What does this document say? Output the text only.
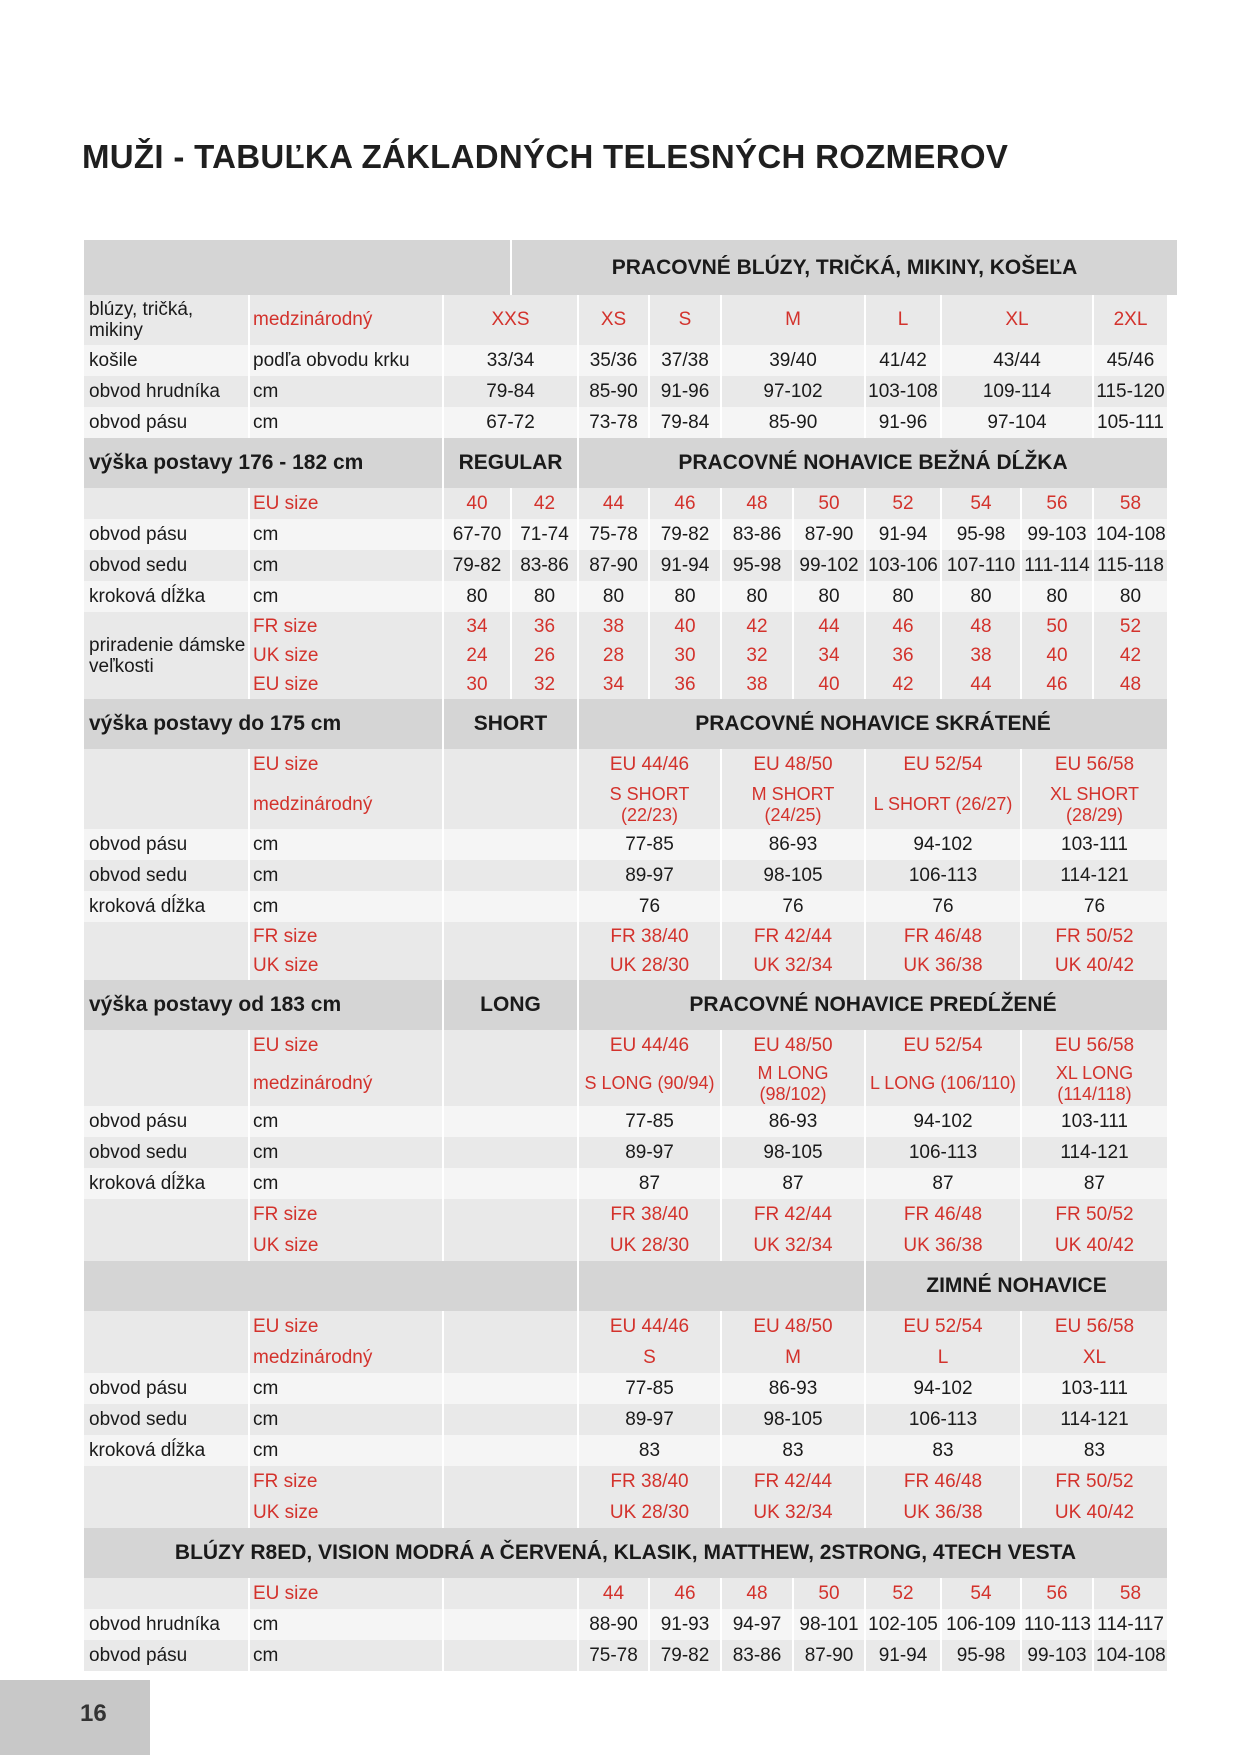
MUŽI - TABUĽKA ZÁKLADNÝCH TELESNÝCH ROZMEROV
			PRACOVNÉ BLÚZY, TRIČKÁ, MIKINY, KOŠEĽA								
blúzy, tričká, mikiny	medzinárodný	XXS		XS	S	M		L	XL		2XL
košile	podľa obvodu krku	33/34		35/36	37/38	39/40		41/42	43/44		45/46
obvod hrudníka	cm	79-84		85-90	91-96	97-102		103-108	109-114		115-120
obvod pásu	cm	67-72		73-78	79-84	85-90		91-96	97-104		105-111
výška postavy 176 - 182 cm		REGULAR		PRACOVNÉ NOHAVICE BEŽNÁ DĹŽKA							
	EU size	40	42	44	46	48	50	52	54	56	58
obvod pásu	cm	67-70	71-74	75-78	79-82	83-86	87-90	91-94	95-98	99-103	104-108
obvod sedu	cm	79-82	83-86	87-90	91-94	95-98	99-102	103-106	107-110	111-114	115-118
kroková dĺžka	cm	80	80	80	80	80	80	80	80	80	80
priradenie dámske veľkosti	FR size	34	36	38	40	42	44	46	48	50	52
	UK size	24	26	28	30	32	34	36	38	40	42
	EU size	30	32	34	36	38	40	42	44	46	48
výška postavy do 175 cm		SHORT		PRACOVNÉ NOHAVICE SKRÁTENÉ							
	EU size			EU 44/46		EU 48/50		EU 52/54		EU 56/58	
	medzinárodný			S SHORT (22/23)		M SHORT (24/25)		L SHORT (26/27)		XL SHORT (28/29)	
obvod pásu	cm			77-85		86-93		94-102		103-111	
obvod sedu	cm			89-97		98-105		106-113		114-121	
kroková dĺžka	cm			76		76		76		76	
	FR size			FR 38/40		FR 42/44		FR 46/48		FR 50/52	
	UK size			UK 28/30		UK 32/34		UK 36/38		UK 40/42	
výška postavy od 183 cm		LONG		PRACOVNÉ NOHAVICE PREDĹŽENÉ							
	EU size			EU 44/46		EU 48/50		EU 52/54		EU 56/58	
	medzinárodný			S LONG (90/94)		M LONG (98/102)		L LONG (106/110)		XL LONG (114/118)	
obvod pásu	cm			77-85		86-93		94-102		103-111	
obvod sedu	cm			89-97		98-105		106-113		114-121	
kroková dĺžka	cm			87		87		87		87	
	FR size			FR 38/40		FR 42/44		FR 46/48		FR 50/52	
	UK size			UK 28/30		UK 32/34		UK 36/38		UK 40/42	
								ZIMNÉ NOHAVICE			
	EU size			EU 44/46		EU 48/50		EU 52/54		EU 56/58	
	medzinárodný			S		M		L		XL	
obvod pásu	cm			77-85		86-93		94-102		103-111	
obvod sedu	cm			89-97		98-105		106-113		114-121	
kroková dĺžka	cm			83		83		83		83	
	FR size			FR 38/40		FR 42/44		FR 46/48		FR 50/52	
	UK size			UK 28/30		UK 32/34		UK 36/38		UK 40/42	
BLÚZY R8ED, VISION MODRÁ A ČERVENÁ, KLASIK, MATTHEW, 2STRONG, 4TECH VESTA											
	EU size			44	46	48	50	52	54	56	58
obvod hrudníka	cm			88-90	91-93	94-97	98-101	102-105	106-109	110-113	114-117
obvod pásu	cm			75-78	79-82	83-86	87-90	91-94	95-98	99-103	104-108
16
